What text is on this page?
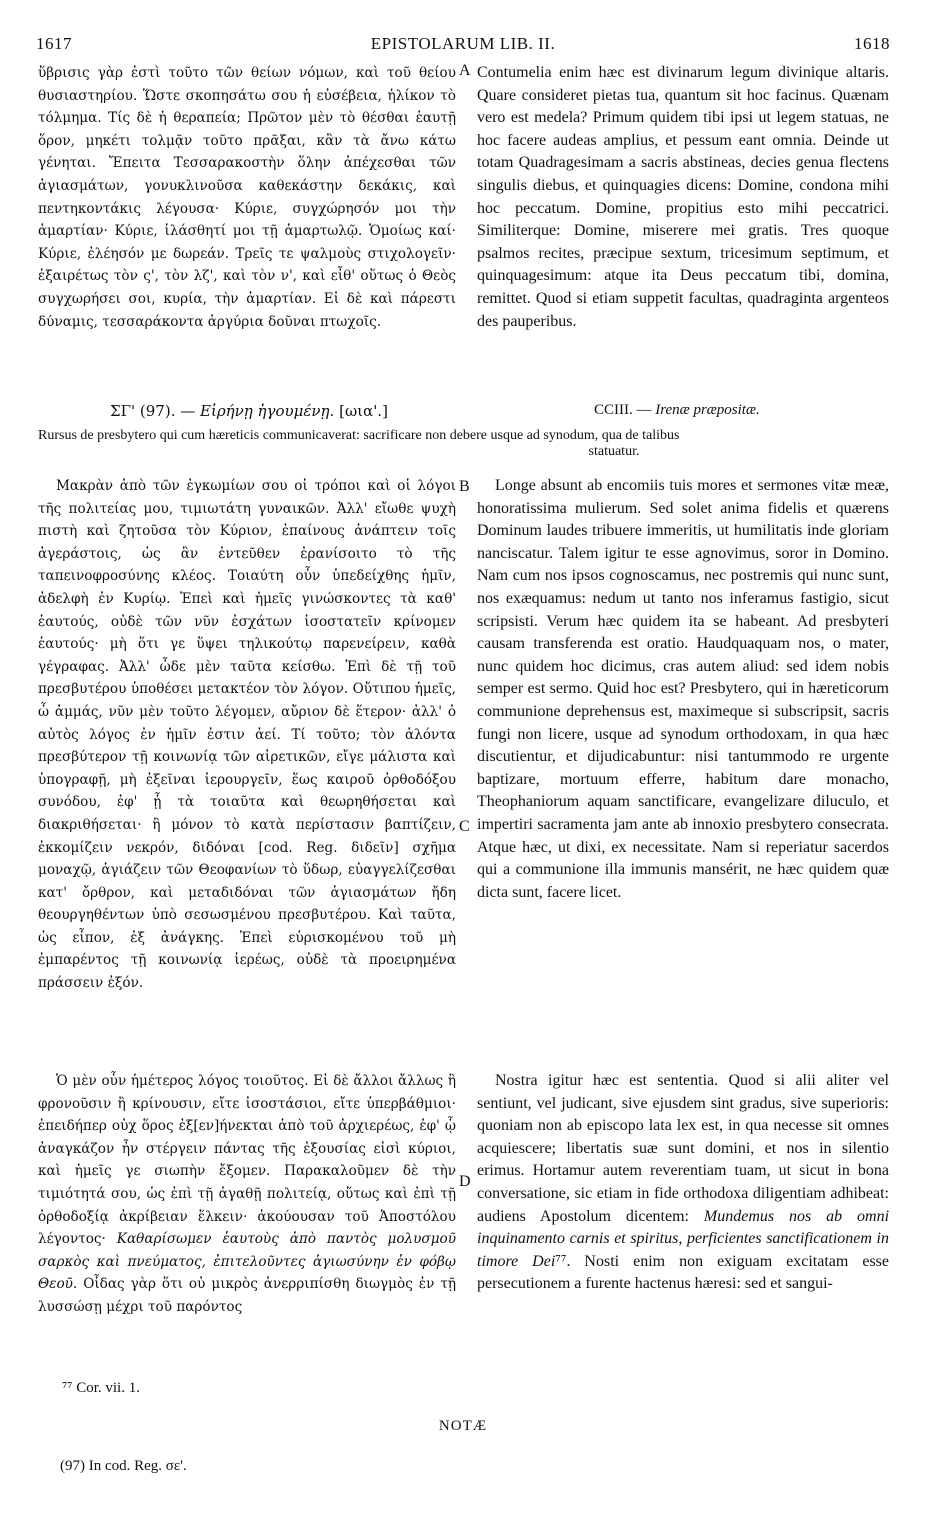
1617	EPISTOLARUM LIB. II.	1618

ὕβρισις γὰρ ἐστὶ τοῦτο τῶν θείων νόμων, καὶ τοῦ θείου θυσιαστηρίου. Ὥστε σκοπησάτω σου ἡ εὐσέβεια, ἡλίκον τὸ τόλμημα. Τίς δὲ ἡ θεραπεία; Πρῶτον μὲν τὸ θέσθαι ἑαυτῇ ὅρον, μηκέτι τολμᾷν τοῦτο πρᾶξαι, κἂν τὰ ἄνω κάτω γένηται. Ἔπειτα Τεσσαρακοστὴν ὅλην ἀπέχεσθαι τῶν ἁγιασμάτων, γονυκλινοῦσα καθεκάστην δεκάκις, καὶ πεντηκοντάκις λέγουσα· Κύριε, συγχώρησόν μοι τὴν ἁμαρτίαν· Κύριε, ἱλάσθητί μοι τῇ ἁμαρτωλῷ. Ὁμοίως καί· Κύριε, ἐλέησόν με δωρεάν. Τρεῖς τε ψαλμοὺς στιχολογεῖν· ἐξαιρέτως τὸν ς', τὸν λζ', καὶ τὸν ν', καὶ εἶθ' οὕτως ὁ Θεὸς συγχωρήσει σοι, κυρία, τὴν ἁμαρτίαν. Εἰ δὲ καὶ πάρεστι δύναμις, τεσσαράκοντα ἀργύρια δοῦναι πτωχοῖς.

A Contumelia enim hæc est divinarum legum divinique altaris. Quare consideret pietas tua, quantum sit hoc facinus. Quænam vero est medela? Primum quidem tibi ipsi ut legem statuas, ne hoc facere audeas amplius, et pessum eant omnia. Deinde ut totam Quadragesimam a sacris abstineas, decies genua flectens singulis diebus, et quinquagies dicens: Domine, condona mihi hoc peccatum. Domine, propitius esto mihi peccatrici. Similiterque: Domine, miserere mei gratis. Tres quoque psalmos recites, præcipue sextum, tricesimum septimum, et quinquagesimum: atque ita Deus peccatum tibi, domina, remittet. Quod si etiam suppetit facultas, quadraginta argenteos des pauperibus.

ΣΓ' (97). — Εἰρήνῃ ἡγουμένῃ. [ωια'.]	CCIII. — Irenæ præpositæ.
Rursus de presbytero qui cum hæreticis communicaverat: sacrificare non debere usque ad synodum, qua de talibus
statuatur.

Μακρὰν ἀπὸ τῶν ἐγκωμίων σου οἱ τρόποι καὶ οἱ λόγοι τῆς πολιτείας μου, τιμιωτάτη γυναικῶν. Ἀλλ' εἴωθε ψυχὴ πιστὴ καὶ ζητοῦσα τὸν Κύριον, ἐπαίνους ἀνάπτειν τοῖς ἀγεράστοις, ὡς ἂν ἐντεῦθεν ἐρανίσοιτο τὸ τῆς ταπεινοφροσύνης κλέος. Τοιαύτη οὖν ὑπεδείχθης ἡμῖν, ἀδελφὴ ἐν Κυρίῳ. Ἐπεὶ καὶ ἡμεῖς γινώσκοντες τὰ καθ' ἑαυτούς, οὐδὲ τῶν νῦν ἐσχάτων ἰσοστατεῖν κρίνομεν ἑαυτούς· μὴ ὅτι γε ὕψει τηλικούτῳ παρενείρειν, καθὰ γέγραφας. Ἀλλ' ὧδε μὲν ταῦτα κείσθω. Ἐπὶ δὲ τῇ τοῦ πρεσβυτέρου ὑποθέσει μετακτέον τὸν λόγον. Οὔτιπου ἡμεῖς, ὦ ἀμμάς, νῦν μὲν τοῦτο λέγομεν, αὔριον δὲ ἕτερον· ἀλλ' ὁ αὐτὸς λόγος ἐν ἡμῖν ἐστιν ἀεί. Τί τοῦτο; τὸν ἁλόντα πρεσβύτερον τῇ κοινωνίᾳ τῶν αἱρετικῶν, εἴγε μάλιστα καὶ ὑπογραφῇ, μὴ ἐξεῖναι ἱερουργεῖν, ἕως καιροῦ ὀρθοδόξου συνόδου, ἐφ' ᾗ τὰ τοιαῦτα καὶ θεωρηθήσεται καὶ διακριθήσεται· ἢ μόνον τὸ κατὰ περίστασιν βαπτίζειν, ἐκκομίζειν νεκρόν, διδόναι [cod. Reg. διδεῖν] σχῆμα μοναχῷ, ἁγιάζειν τῶν Θεοφανίων τὸ ὕδωρ, εὐαγγελίζεσθαι κατ' ὄρθρον, καὶ μεταδιδόναι τῶν ἁγιασμάτων ἤδη θεουργηθέντων ὑπὸ σεσωσμένου πρεσβυτέρου. Καὶ ταῦτα, ὡς εἶπον, ἐξ ἀνάγκης. Ἐπεὶ εὑρισκομένου τοῦ μὴ ἐμπαρέντος τῇ κοινωνίᾳ ἱερέως, οὐδὲ τὰ προειρημένα πράσσειν ἐξόν.

B
C

Longe absunt ab encomiis tuis mores et sermones vitæ meæ, honoratissima mulierum. Sed solet anima fidelis et quærens Dominum laudes tribuere immeritis, ut humilitatis inde gloriam nanciscatur. Talem igitur te esse agnovimus, soror in Domino. Nam cum nos ipsos cognoscamus, nec postremis qui nunc sunt, nos exæquamus: nedum ut tanto nos inferamus fastigio, sicut scripsisti. Verum hæc quidem ita se habeant. Ad presbyteri causam transferenda est oratio. Haudquaquam nos, o mater, nunc quidem hoc dicimus, cras autem aliud: sed idem nobis semper est sermo. Quid hoc est? Presbytero, qui in hæreticorum communione deprehensus est, maximeque si subscripsit, sacris fungi non licere, usque ad synodum orthodoxam, in qua hæc discutientur, et dijudicabuntur: nisi tantummodo re urgente baptizare, mortuum efferre, habitum dare monacho, Theophaniorum aquam sanctificare, evangelizare diluculo, et impertiri sacramenta jam ante ab innoxio presbytero consecrata. Atque hæc, ut dixi, ex necessitate. Nam si reperiatur sacerdos qui a communione illa immunis mansérit, ne hæc quidem quæ dicta sunt, facere licet.

Ὁ μὲν οὖν ἡμέτερος λόγος τοιοῦτος. Εἰ δὲ ἄλλοι ἄλλως ἢ φρονοῦσιν ἢ κρίνουσιν, εἴτε ἰσοστάσιοι, εἴτε ὑπερβάθμιοι· ἐπειδήπερ οὐχ ὅρος ἐξ[εν]ήνεκται ἀπὸ τοῦ ἀρχιερέως, ἐφ' ᾧ ἀναγκάζον ἦν στέργειν πάντας τῆς ἐξουσίας εἰσὶ κύριοι, καὶ ἡμεῖς γε σιωπὴν ἔξομεν. Παρακαλοῦμεν δὲ τὴν τιμιότητά σου, ὡς ἐπὶ τῇ ἀγαθῇ πολιτείᾳ, οὕτως καὶ ἐπὶ τῇ ὀρθοδοξίᾳ ἀκρίβειαν ἕλκειν· ἀκούουσαν τοῦ Ἀποστόλου λέγοντος· Καθαρίσωμεν ἑαυτοὺς ἀπὸ παντὸς μολυσμοῦ σαρκὸς καὶ πνεύματος, ἐπιτελοῦντες ἁγιωσύνην ἐν φόβῳ Θεοῦ. Οἶδας γὰρ ὅτι οὐ μικρὸς ἀνερριπίσθη διωγμὸς ἐν τῇ λυσσώσῃ μέχρι τοῦ παρόντος

D

Nostra igitur hæc est sententia. Quod si alii aliter vel sentiunt, vel judicant, sive ejusdem sint gradus, sive superioris: quoniam non ab episcopo lata lex est, in qua necesse sit omnes acquiescere; libertatis suæ sunt domini, et nos in silentio erimus. Hortamur autem reverentiam tuam, ut sicut in bona conversatione, sic etiam in fide orthodoxa diligentiam adhibeat: audiens Apostolum dicentem: Mundemus nos ab omni inquinamento carnis et spiritus, perficientes sanctificationem in timore Dei⁷⁷. Nosti enim non exiguam excitatam esse persecutionem a furente hactenus hæresi: sed et sangui-

⁷⁷ Cor. vii. 1.
NOTÆ
(97) In cod. Reg. σε'.
